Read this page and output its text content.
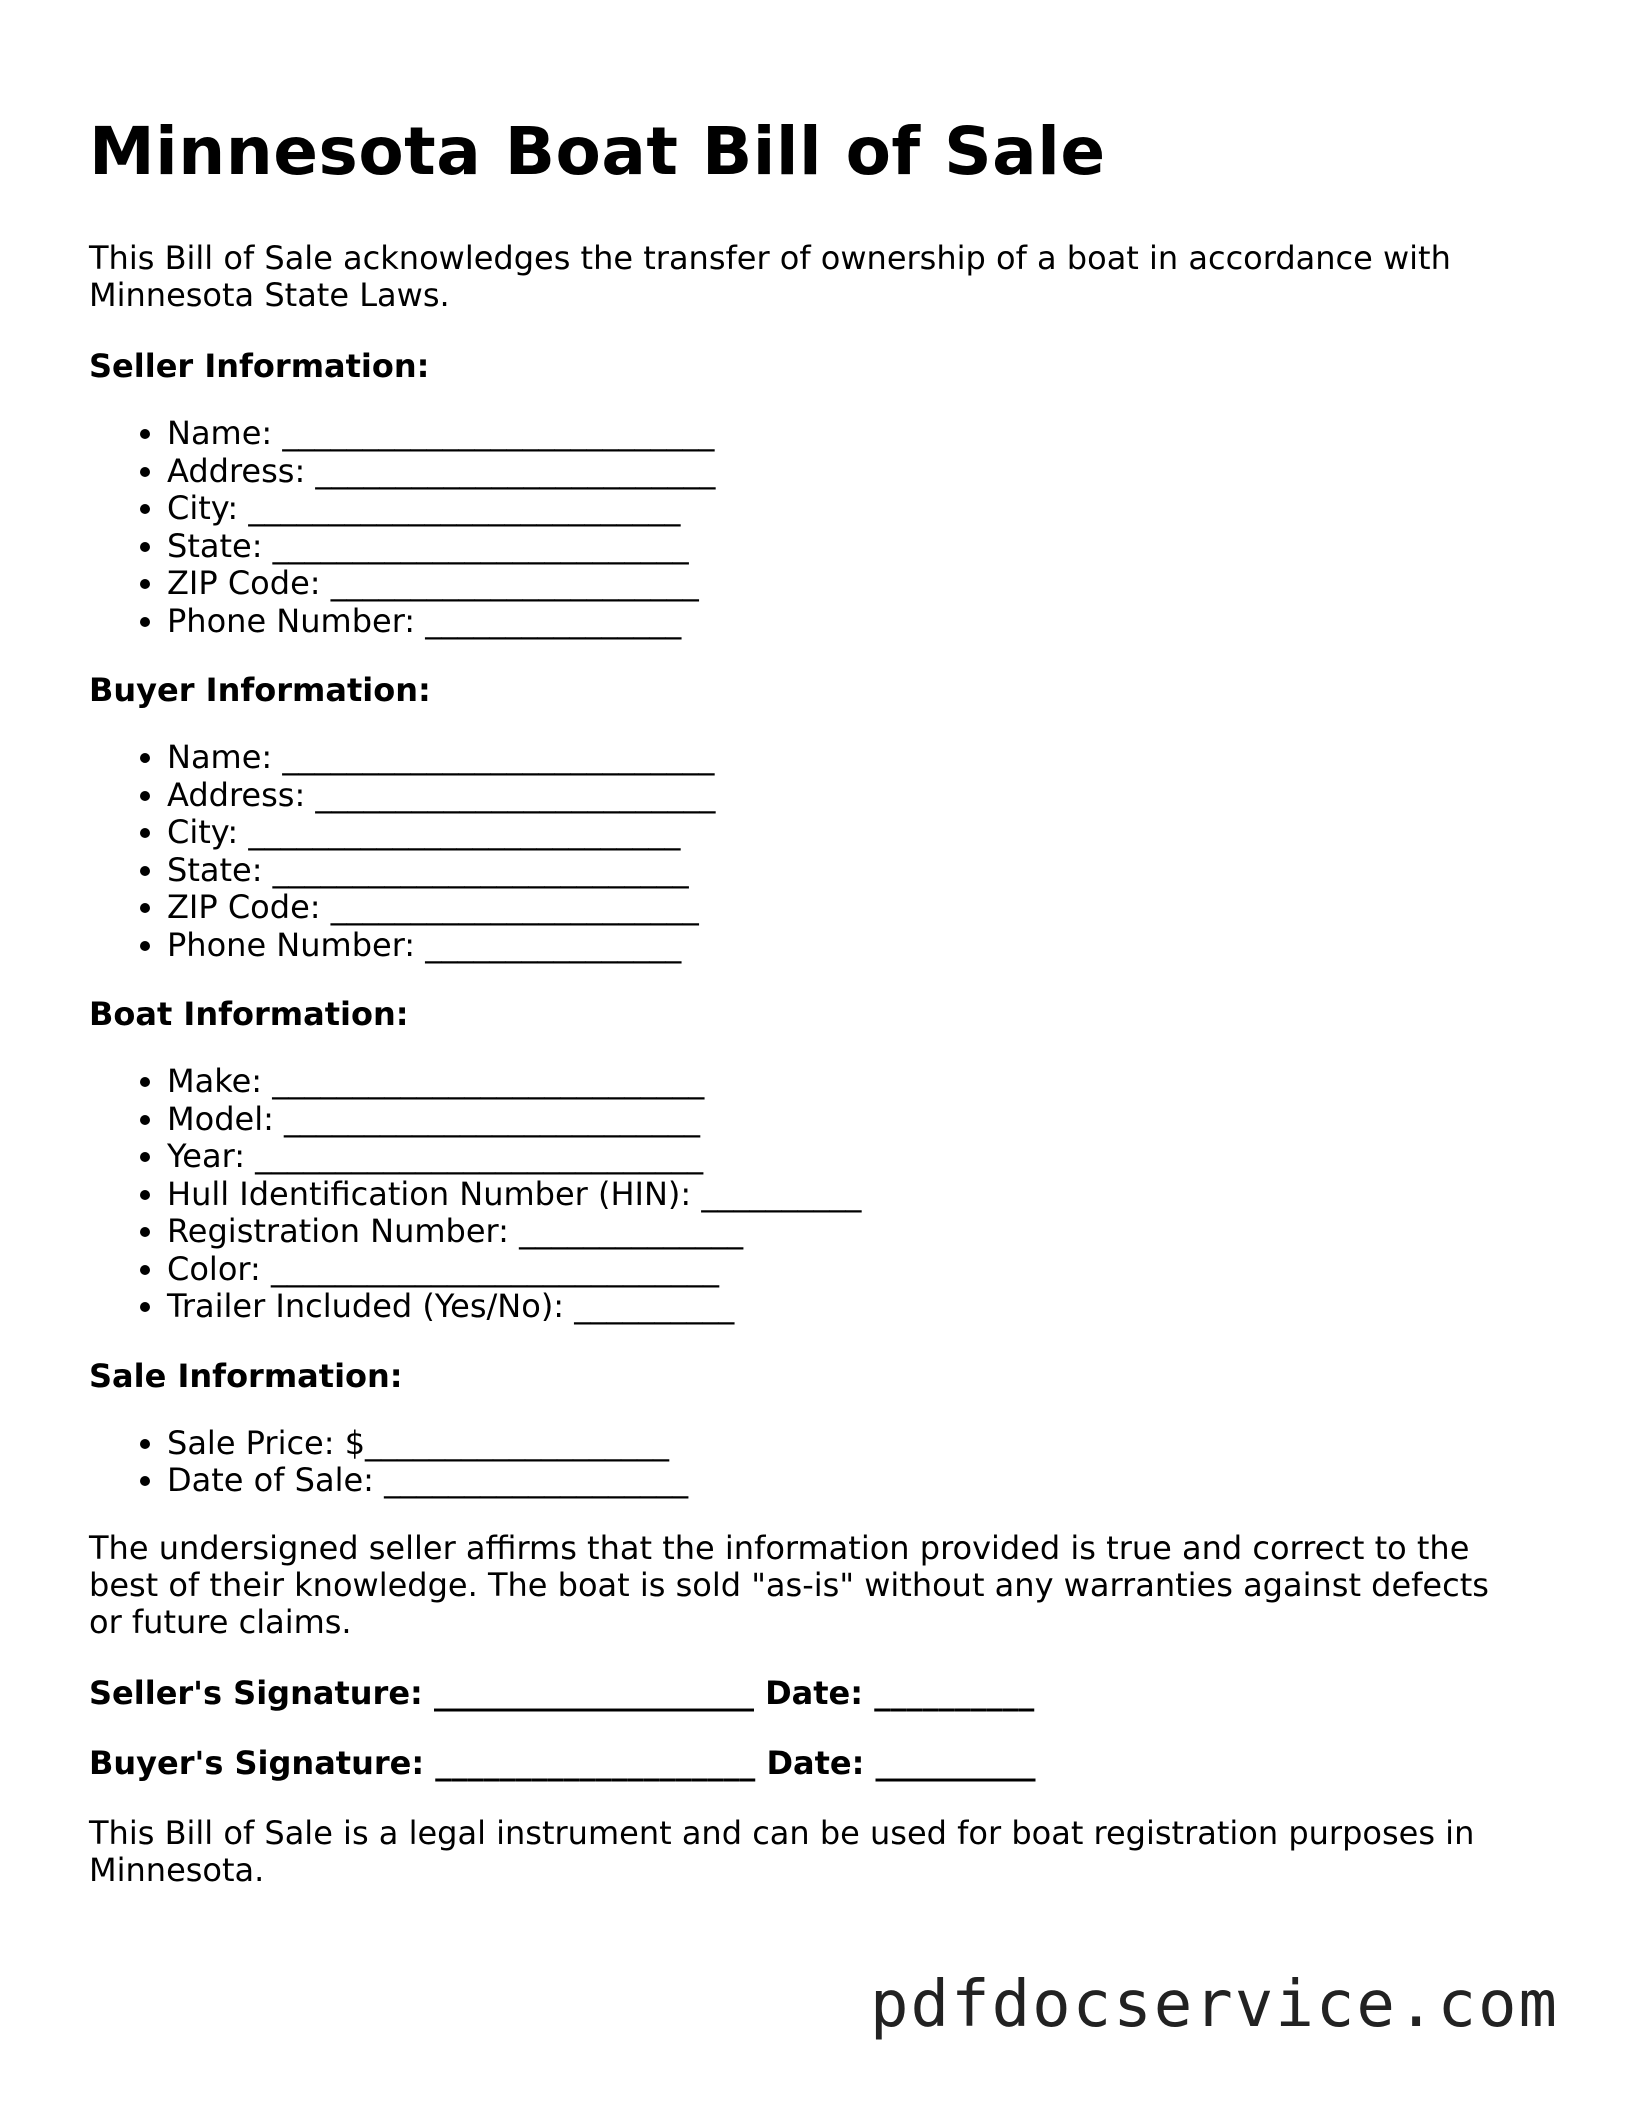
Minnesota Boat Bill of Sale

This Bill of Sale acknowledges the transfer of ownership of a boat in accordance with Minnesota State Laws.

Seller Information:
• Name: ___________________________
• Address: _________________________
• City: ___________________________
• State: __________________________
• ZIP Code: _______________________
• Phone Number: ________________
Buyer Information:
• Name: ___________________________
• Address: _________________________
• City: ___________________________
• State: __________________________
• ZIP Code: _______________________
• Phone Number: ________________
Boat Information:
• Make: ___________________________
• Model: __________________________
• Year: ____________________________
• Hull Identification Number (HIN): __________
• Registration Number: ______________
• Color: ____________________________
• Trailer Included (Yes/No): __________
Sale Information:
• Sale Price: $___________________
• Date of Sale: ___________________

The undersigned seller affirms that the information provided is true and correct to the best of their knowledge. The boat is sold "as-is" without any warranties against defects or future claims.

Seller's Signature: ____________________ Date: __________
Buyer's Signature: ____________________ Date: __________

This Bill of Sale is a legal instrument and can be used for boat registration purposes in Minnesota.

pdfdocservice.com
